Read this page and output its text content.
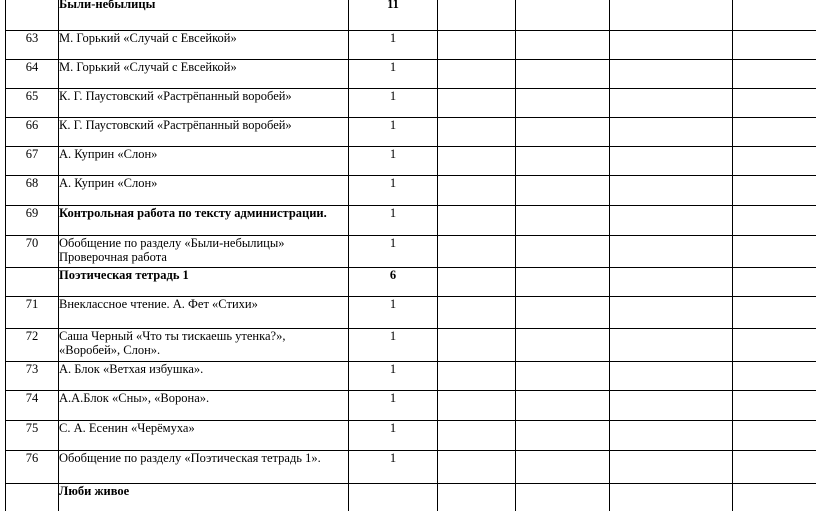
	Были-небылицы	11				
63	М. Горький «Случай с Евсейкой»	1				
64	М. Горький «Случай с Евсейкой»	1				
65	К. Г. Паустовский «Растрёпанный воробей»	1				
66	К. Г. Паустовский «Растрёпанный воробей»	1				
67	А. Куприн «Слон»	1				
68	А. Куприн «Слон»	1				
69	Контрольная работа по тексту администрации.	1				
70	Обобщение по разделу «Были-небылицы» Проверочная работа	1				
	Поэтическая тетрадь 1	6				
71	Внеклассное чтение. А. Фет «Стихи»	1				
72	Саша Черный «Что ты тискаешь утенка?», «Воробей», Слон».	1				
73	А. Блок «Ветхая избушка».	1				
74	А.А.Блок «Сны», «Ворона».	1				
75	С. А. Есенин «Черёмуха»	1				
76	Обобщение по разделу «Поэтическая тетрадь 1».	1				
	Люби живое					
